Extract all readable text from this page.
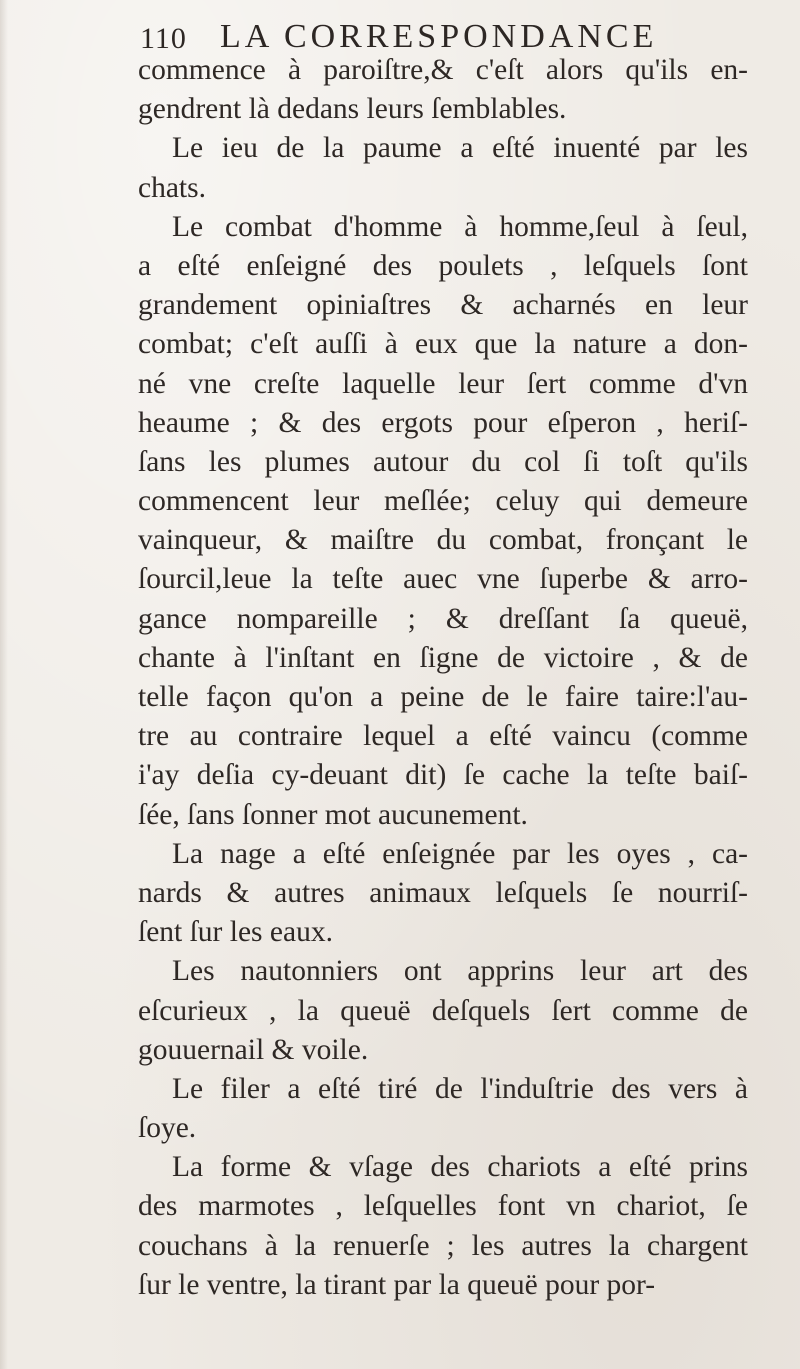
110 LA CORRESPONDANCE
commence à paroiſtre,& c'eſt alors qu'ils en-
gendrent là dedans leurs ſemblables.
Le ieu de la paume a eſté inuenté par les
chats.
Le combat d'homme à homme,ſeul à ſeul,
a eſté enſeigné des poulets , leſquels ſont
grandement opiniaſtres & acharnés en leur
combat; c'eſt auſſi à eux que la nature a don-
né vne creſte laquelle leur ſert comme d'vn
heaume ; & des ergots pour eſperon , heriſ-
ſans les plumes autour du col ſi toſt qu'ils
commencent leur meſlée; celuy qui demeure
vainqueur, & maiſtre du combat, fronçant le
ſourcil,leue la teſte auec vne ſuperbe & arro-
gance nompareille ; & dreſſant ſa queuë,
chante à l'inſtant en ſigne de victoire , & de
telle façon qu'on a peine de le faire taire:l'au-
tre au contraire lequel a eſté vaincu (comme
i'ay deſia cy-deuant dit) ſe cache la teſte baiſ-
ſée, ſans ſonner mot aucunement.
La nage a eſté enſeignée par les oyes , ca-
nards & autres animaux leſquels ſe nourriſ-
ſent ſur les eaux.
Les nautonniers ont apprins leur art des
eſcurieux , la queuë deſquels ſert comme de
gouuernail & voile.
Le filer a eſté tiré de l'induſtrie des vers à
ſoye.
La forme & vſage des chariots a eſté prins
des marmotes , leſquelles font vn chariot, ſe
couchans à la renuerſe ; les autres la chargent
ſur le ventre, la tirant par la queuë pour por-
